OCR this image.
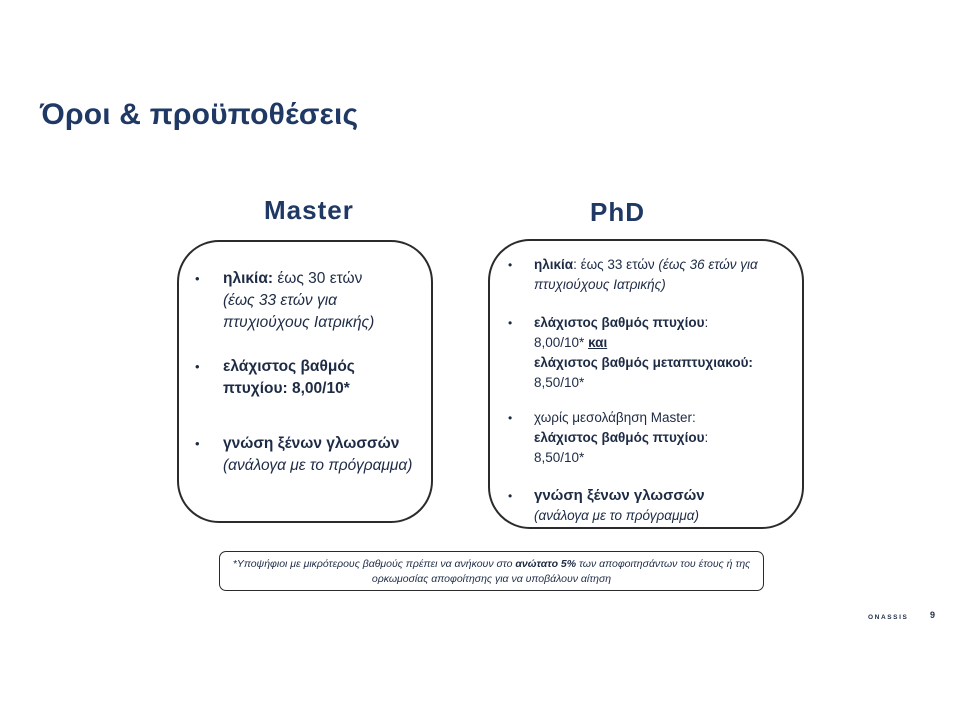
Όροι & προϋποθέσεις
Master	PhD
• ηλικία: έως 30 ετών
(έως 33 ετών για πτυχιούχους Ιατρικής)
• ελάχιστος βαθμός πτυχίου: 8,00/10*
• γνώση ξένων γλωσσών (ανάλογα με το πρόγραμμα)
• ηλικία: έως 33 ετών (έως 36 ετών για πτυχιούχους Ιατρικής)
• ελάχιστος βαθμός πτυχίου:
8,00/10* και
ελάχιστος βαθμός μεταπτυχιακού: 8,50/10*
• χωρίς μεσολάβηση Master:
ελάχιστος βαθμός πτυχίου:
8,50/10*
• γνώση ξένων γλωσσών
(ανάλογα με το πρόγραμμα)
*Υποψήφιοι με μικρότερους βαθμούς πρέπει να ανήκουν στο ανώτατο 5% των αποφοιτησάντων του έτους ή της ορκωμοσίας αποφοίτησης για να υποβάλουν αίτηση
ONASSIS 9
